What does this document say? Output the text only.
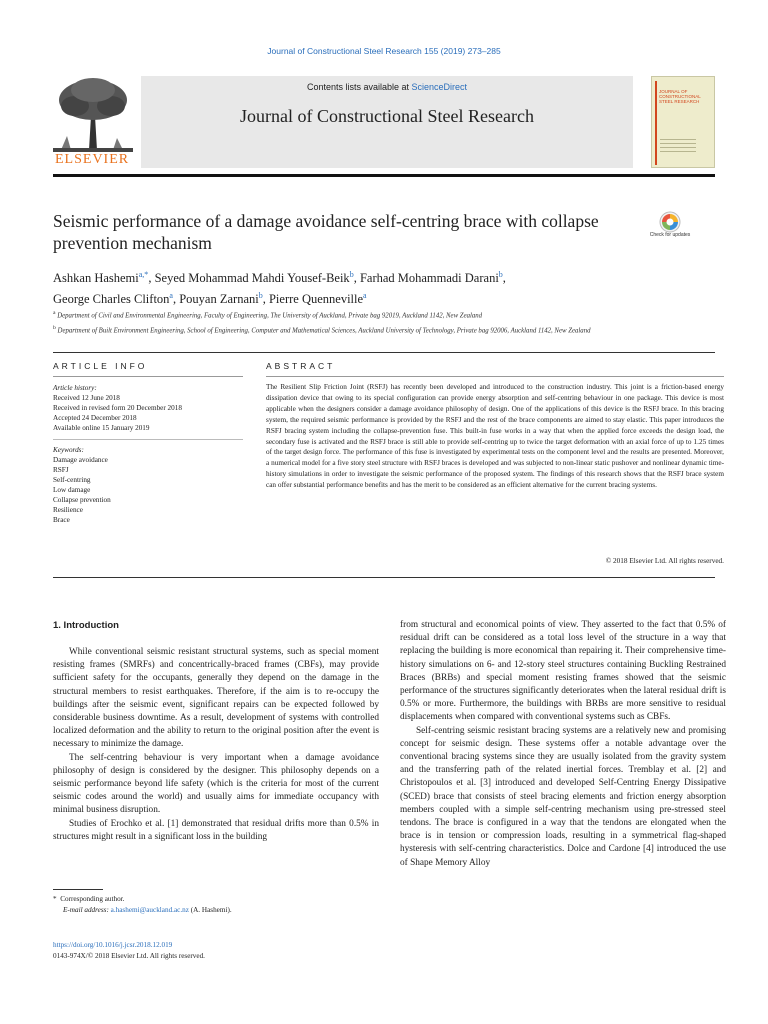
Journal of Constructional Steel Research 155 (2019) 273–285
ELSEVIER
Contents lists available at ScienceDirect
Journal of Constructional Steel Research
JOURNAL OF CONSTRUCTIONAL STEEL RESEARCH
Seismic performance of a damage avoidance self-centring brace with collapse prevention mechanism	Check for updates
Ashkan Hashemi$^{a,*}$, Seyed Mohammad Mahdi Yousef-Beik$^b$, Farhad Mohammadi Darani$^b$,
George Charles Clifton$^a$, Pouyan Zarnani$^b$, Pierre Quenneville$^a$
$^a$ Department of Civil and Environmental Engineering, Faculty of Engineering, The University of Auckland, Private bag 92019, Auckland 1142, New Zealand
$^b$ Department of Built Environment Engineering, School of Engineering, Computer and Mathematical Sciences, Auckland University of Technology, Private bag 92006, Auckland 1142, New Zealand
ARTICLE INFO	ABSTRACT
Article history:
Received 12 June 2018
Received in revised form 20 December 2018
Accepted 24 December 2018
Available online 15 January 2019
Keywords:
Damage avoidance
RSFJ
Self-centring
Low damage
Collapse prevention
Resilience
Brace
The Resilient Slip Friction Joint (RSFJ) has recently been developed and introduced to the construction industry. This joint is a friction-based energy dissipation device that owing to its special configuration can provide energy absorption and self-centring behaviour in one package. This device is most applicable when the designers consider a damage avoidance philosophy of design. One of the applications of this device is the RSFJ brace. In this bracing system, the required seismic performance is provided by the RSFJ and the rest of the brace components are aimed to stay elastic. This paper introduces the RSFJ bracing system including the collapse-prevention fuse. This built-in fuse works in a way that when the applied force exceeds the design load, the secondary fuse is activated and the RSFJ brace is still able to provide self-centring up to twice the target deformation with an axial force of up to 1.25 times of the target design force. The performance of this fuse is investigated by experimental tests on the component level and the results are presented. Moreover, a numerical model for a five story steel structure with RSFJ braces is developed and was subjected to non-linear static pushover and nonlinear dynamic time-history simulations in order to investigate the seismic performance of the proposed system. The findings of this research shows that the RSFJ brace system can offer substantial performance benefits and has the merit to be considered as an efficient alternative for the current bracing systems.
© 2018 Elsevier Ltd. All rights reserved.
1. Introduction

While conventional seismic resistant structural systems, such as special moment resisting frames (SMRFs) and concentrically-braced frames (CBFs), may provide sufficient safety for the occupants, generally they depend on the damage in the structural members to resist earthquakes. Therefore, if the aim is to re-occupy the buildings after the seismic event, significant repairs can be expected followed by considerable business downtime. As a result, development of systems with controlled localized deformation and the ability to return to the original position after the event is necessary to minimize the damage.

The self-centring behaviour is very important when a damage avoidance philosophy of design is considered by the designer. This philosophy depends on a seismic performance beyond life safety (which is the criteria for most of the current seismic codes around the world) and usually aims for immediate occupancy with minimal business disruption.

Studies of Erochko et al. [1] demonstrated that residual drifts more than 0.5% in structures might result in a significant loss in the building

from structural and economical points of view. They asserted to the fact that 0.5% of residual drift can be considered as a total loss level of the structure in a way that replacing the building is more economical than repairing it. Their comprehensive time-history simulations on 6- and 12-story steel structures containing Buckling Restrained Braces (BRBs) and special moment resisting frames showed that the seismic performance of the structures significantly deteriorates when the lateral residual drift is 0.5% or more. Furthermore, the buildings with BRBs are more sensitive to residual displacements when compared with conventional systems such as CBFs.

Self-centring seismic resistant bracing systems are a relatively new and promising concept for seismic design. These systems offer a notable advantage over the conventional bracing systems since they are usually isolated from the gravity system and the transferring path of the related inertial forces. Tremblay et al. [2] and Christopoulos et al. [3] introduced and developed Self-Centring Energy Dissipative (SCED) brace that consists of steel bracing elements and friction energy absorption members coupled with a simple self-centring mechanism using pre-stressed steel tendons. The brace is configured in a way that the tendons are elongated when the brace is in tension or compression loads, resulting in a symmetrical flag-shaped hysteresis with self-centring characteristics. Dolce and Cardone [4] introduced the use of Shape Memory Alloy

* Corresponding author.
E-mail address: a.hashemi@auckland.ac.nz (A. Hashemi).
https://doi.org/10.1016/j.jcsr.2018.12.019
0143-974X/© 2018 Elsevier Ltd. All rights reserved.
